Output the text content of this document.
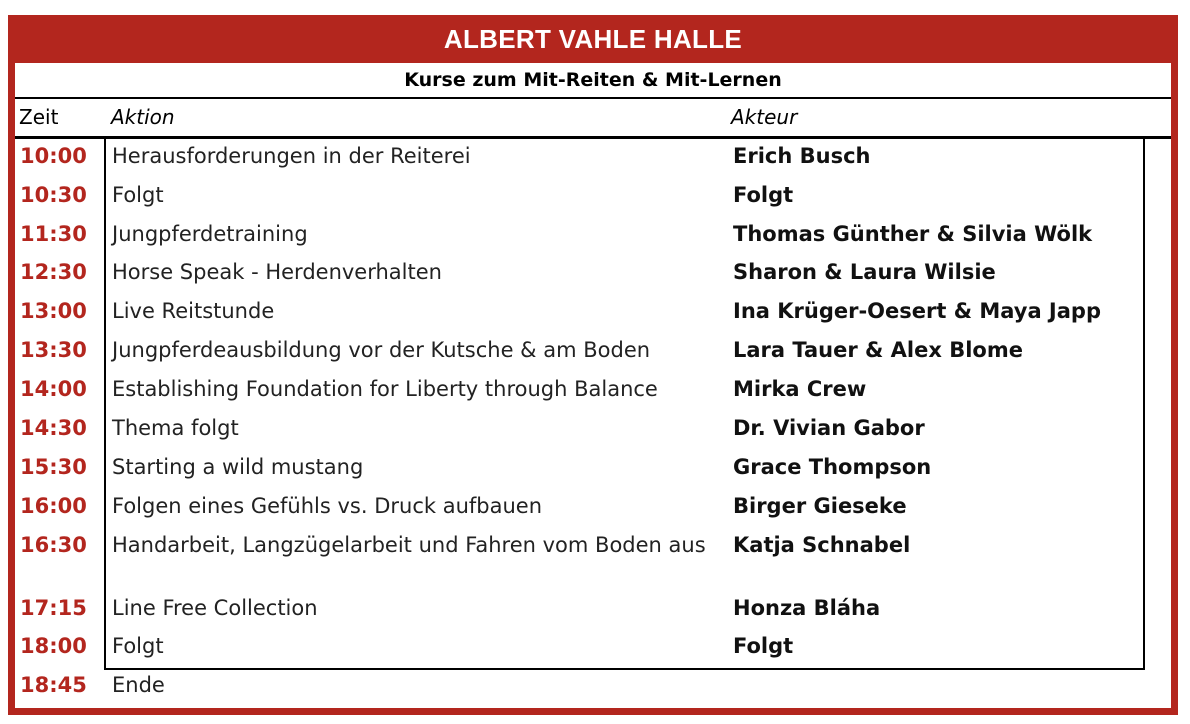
ALBERT VAHLE HALLE
Kurse zum Mit-Reiten & Mit-Lernen
Zeit	Aktion	Akteur
10:00 Herausforderungen in der Reiterei	Erich Busch
10:30 Folgt	Folgt
11:30 Jungpferdetraining	Thomas Günther & Silvia Wölk
12:30 Horse Speak - Herdenverhalten	Sharon & Laura Wilsie
13:00 Live Reitstunde	Ina Krüger-Oesert & Maya Japp
13:30 Jungpferdeausbildung vor der Kutsche & am Boden	Lara Tauer & Alex Blome
14:00 Establishing Foundation for Liberty through Balance	Mirka Crew
14:30 Thema folgt	Dr. Vivian Gabor
15:30 Starting a wild mustang	Grace Thompson
16:00 Folgen eines Gefühls vs. Druck aufbauen	Birger Gieseke
16:30 Handarbeit, Langzügelarbeit und Fahren vom Boden aus	Katja Schnabel
17:15 Line Free Collection	Honza Bláha
18:00 Folgt	Folgt
18:45 Ende
